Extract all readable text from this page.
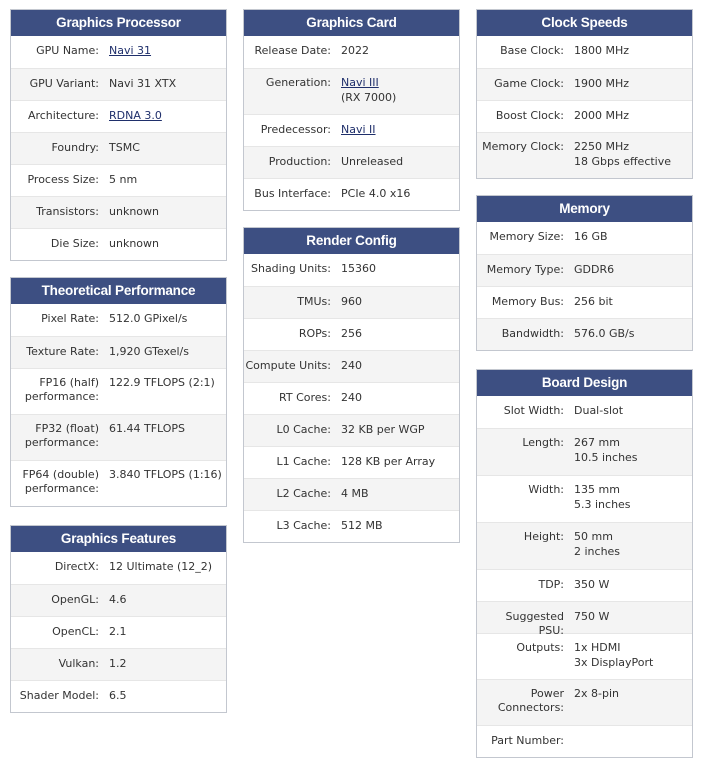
Graphics Processor
GPU Name: Navi 31
GPU Variant: Navi 31 XTX
Architecture: RDNA 3.0
Foundry: TSMC
Process Size: 5 nm
Transistors: unknown
Die Size: unknown
Theoretical Performance
Pixel Rate: 512.0 GPixel/s
Texture Rate: 1,920 GTexel/s
FP16 (half)
performance:
122.9 TFLOPS (2:1)
FP32 (float)
performance:
61.44 TFLOPS
FP64 (double)
performance:
3.840 TFLOPS (1:16)
Graphics Features
DirectX: 12 Ultimate (12_2)
OpenGL: 4.6
OpenCL: 2.1
Vulkan: 1.2
Shader Model: 6.5
Graphics Card
Release Date: 2022
Generation: Navi III
(RX 7000)
Predecessor: Navi II
Production: Unreleased
Bus Interface: PCIe 4.0 x16
Render Config
Shading Units: 15360
TMUs: 960
ROPs: 256
Compute Units: 240
RT Cores: 240
L0 Cache: 32 KB per WGP
L1 Cache: 128 KB per Array
L2 Cache: 4 MB
L3 Cache: 512 MB
Clock Speeds
Base Clock: 1800 MHz
Game Clock: 1900 MHz
Boost Clock: 2000 MHz
Memory Clock: 2250 MHz
18 Gbps effective
Memory
Memory Size: 16 GB
Memory Type: GDDR6
Memory Bus: 256 bit
Bandwidth: 576.0 GB/s
Board Design
Slot Width: Dual-slot
Length: 267 mm
10.5 inches
Width: 135 mm
5.3 inches
Height: 50 mm
2 inches
TDP: 350 W
Suggested PSU:
750 W
Outputs: 1x HDMI
3x DisplayPort
Power
Connectors:
2x 8-pin
Part Number:
